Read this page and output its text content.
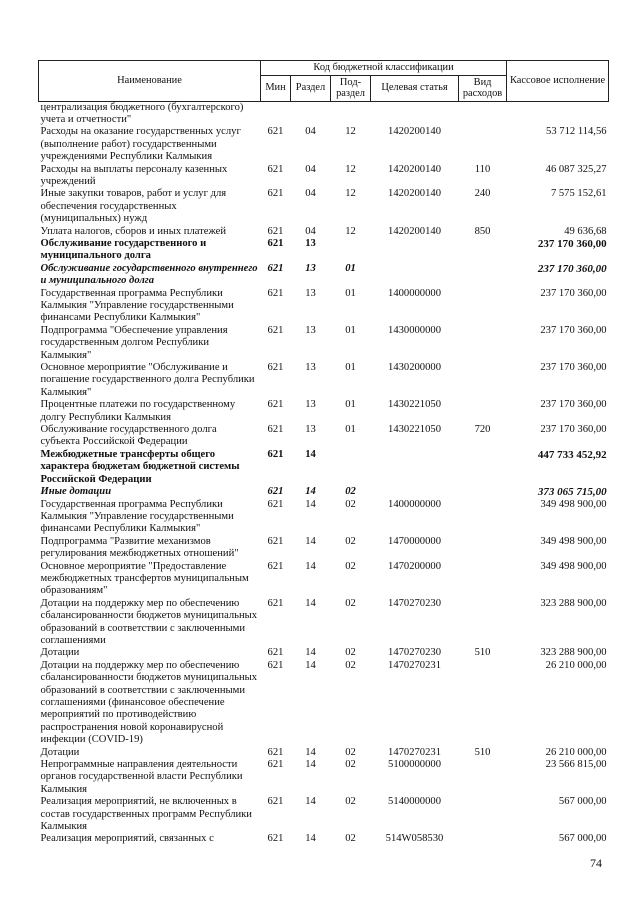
Наименование	Код бюджетной классификации					Кассовое исполнение
	Мин	Раздел	Под-раздел	Целевая статья	Вид расходов	
централизация бюджетного (бухгалтерского) учета и отчетности"						
Расходы на оказание государственных услуг (выполнение работ) государственными учреждениями Республики Калмыкия	621	04	12	1420200140		53 712 114,56
Расходы на выплаты персоналу казенных учреждений	621	04	12	1420200140	110	46 087 325,27
Иные закупки товаров, работ и услуг для обеспечения государственных (муниципальных) нужд	621	04	12	1420200140	240	7 575 152,61
Уплата налогов, сборов и иных платежей	621	04	12	1420200140	850	49 636,68
Обслуживание государственного и муниципального долга	621	13				237 170 360,00
Обслуживание государственного внутреннего и муниципального долга	621	13	01			237 170 360,00
Государственная программа Республики Калмыкия "Управление государственными финансами Республики Калмыкия"	621	13	01	1400000000		237 170 360,00
Подпрограмма "Обеспечение управления государственным долгом Республики Калмыкия"	621	13	01	1430000000		237 170 360,00
Основное мероприятие "Обслуживание и погашение государственного долга Республики Калмыкия"	621	13	01	1430200000		237 170 360,00
Процентные платежи по государственному долгу Республики Калмыкия	621	13	01	1430221050		237 170 360,00
Обслуживание государственного долга субъекта Российской Федерации	621	13	01	1430221050	720	237 170 360,00
Межбюджетные трансферты общего характера бюджетам бюджетной системы Российской Федерации	621	14				447 733 452,92
Иные дотации	621	14	02			373 065 715,00
Государственная программа Республики Калмыкия "Управление государственными финансами Республики Калмыкия"	621	14	02	1400000000		349 498 900,00
Подпрограмма "Развитие механизмов регулирования межбюджетных отношений"	621	14	02	1470000000		349 498 900,00
Основное мероприятие "Предоставление межбюджетных трансфертов муниципальным образованиям"	621	14	02	1470200000		349 498 900,00
Дотации на поддержку мер по обеспечению сбалансированности бюджетов муниципальных образований в соответствии с заключенными соглашениями	621	14	02	1470270230		323 288 900,00
Дотации	621	14	02	1470270230	510	323 288 900,00
Дотации на поддержку мер по обеспечению сбалансированности бюджетов муниципальных образований в соответствии с заключенными соглашениями (финансовое обеспечение мероприятий по противодействию распространения новой коронавирусной инфекции (COVID-19)	621	14	02	1470270231		26 210 000,00
Дотации	621	14	02	1470270231	510	26 210 000,00
Непрограммные направления деятельности органов государственной власти Республики Калмыкия	621	14	02	5100000000		23 566 815,00
Реализация мероприятий, не включенных в состав государственных программ Республики Калмыкия	621	14	02	5140000000		567 000,00
Реализация мероприятий, связанных с	621	14	02	514W058530		567 000,00
74
